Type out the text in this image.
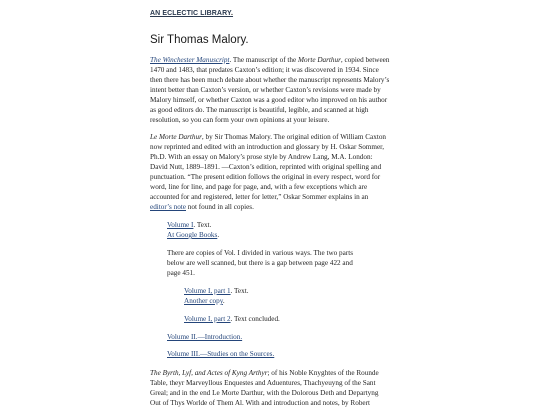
AN ECLECTIC LIBRARY.
Sir Thomas Malory.

The Winchester Manuscript. The manuscript of the Morte Darthur, copied between 1470 and 1483, that predates Caxton’s edition; it was discovered in 1934. Since then there has been much debate about whether the manuscript represents Malory’s intent better than Caxton’s version, or whether Caxton’s revisions were made by Malory himself, or whether Caxton was a good editor who improved on his author as good editors do. The manuscript is beautiful, legible, and scanned at high resolution, so you can form your own opinions at your leisure.

Le Morte Darthur, by Sir Thomas Malory. The original edition of William Caxton now reprinted and edited with an introduction and glossary by H. Oskar Sommer, Ph.D. With an essay on Malory’s prose style by Andrew Lang, M.A. London: David Nutt, 1889–1891. —Caxton’s edition, reprinted with original spelling and punctuation. “The present edition follows the original in every respect, word for word, line for line, and page for page, and, with a few exceptions which are accounted for and registered, letter for letter,” Oskar Sommer explains in an editor’s note not found in all copies.

Volume I. Text.
At Google Books.

There are copies of Vol. I divided in various ways. The two parts below are well scanned, but there is a gap between page 422 and page 451.

Volume I, part 1. Text.
Another copy.
Volume I, part 2. Text concluded.
Volume II.—Introduction.
Volume III.—Studies on the Sources.

The Byrth, Lyf, and Actes of Kyng Arthyr; of his Noble Knyghtes of the Rounde Table, theyr Marveyllous Enquestes and Aduentures, Thachyeuyng of the Sant Greal; and in the end Le Morte Darthur, with the Dolorous Deth and Departyng Out of Thys Worlde of Them Al. With and introduction and notes, by Robert
